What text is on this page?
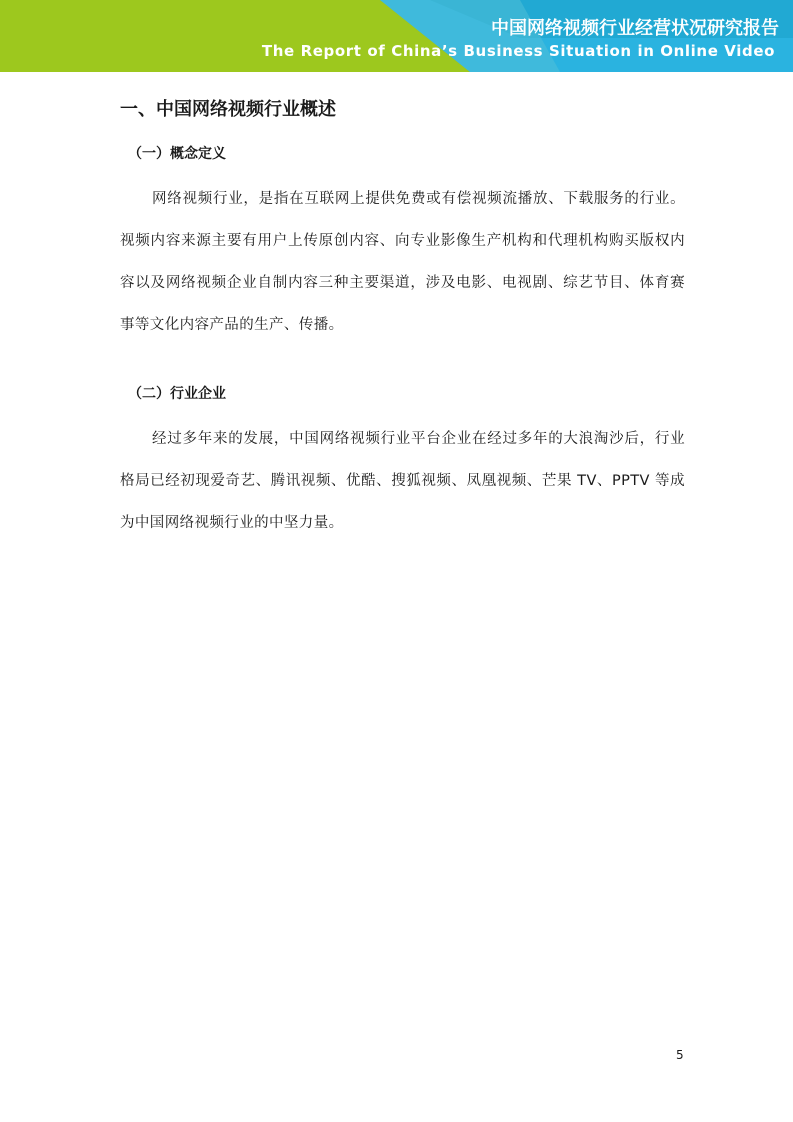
中国网络视频行业经营状况研究报告
The Report of China’s Business Situation in Online Video
一、中国网络视频行业概述
（一）概念定义

网络视频行业，是指在互联网上提供免费或有偿视频流播放、下载服务的行业。视频内容来源主要有用户上传原创内容、向专业影像生产机构和代理机构购买版权内容以及网络视频企业自制内容三种主要渠道，涉及电影、电视剧、综艺节目、体育赛事等文化内容产品的生产、传播。

（二）行业企业

经过多年来的发展，中国网络视频行业平台企业在经过多年的大浪淘沙后，行业格局已经初现爱奇艺、腾讯视频、优酷、搜狐视频、凤凰视频、芒果 TV、PPTV 等成为中国网络视频行业的中坚力量。

5
